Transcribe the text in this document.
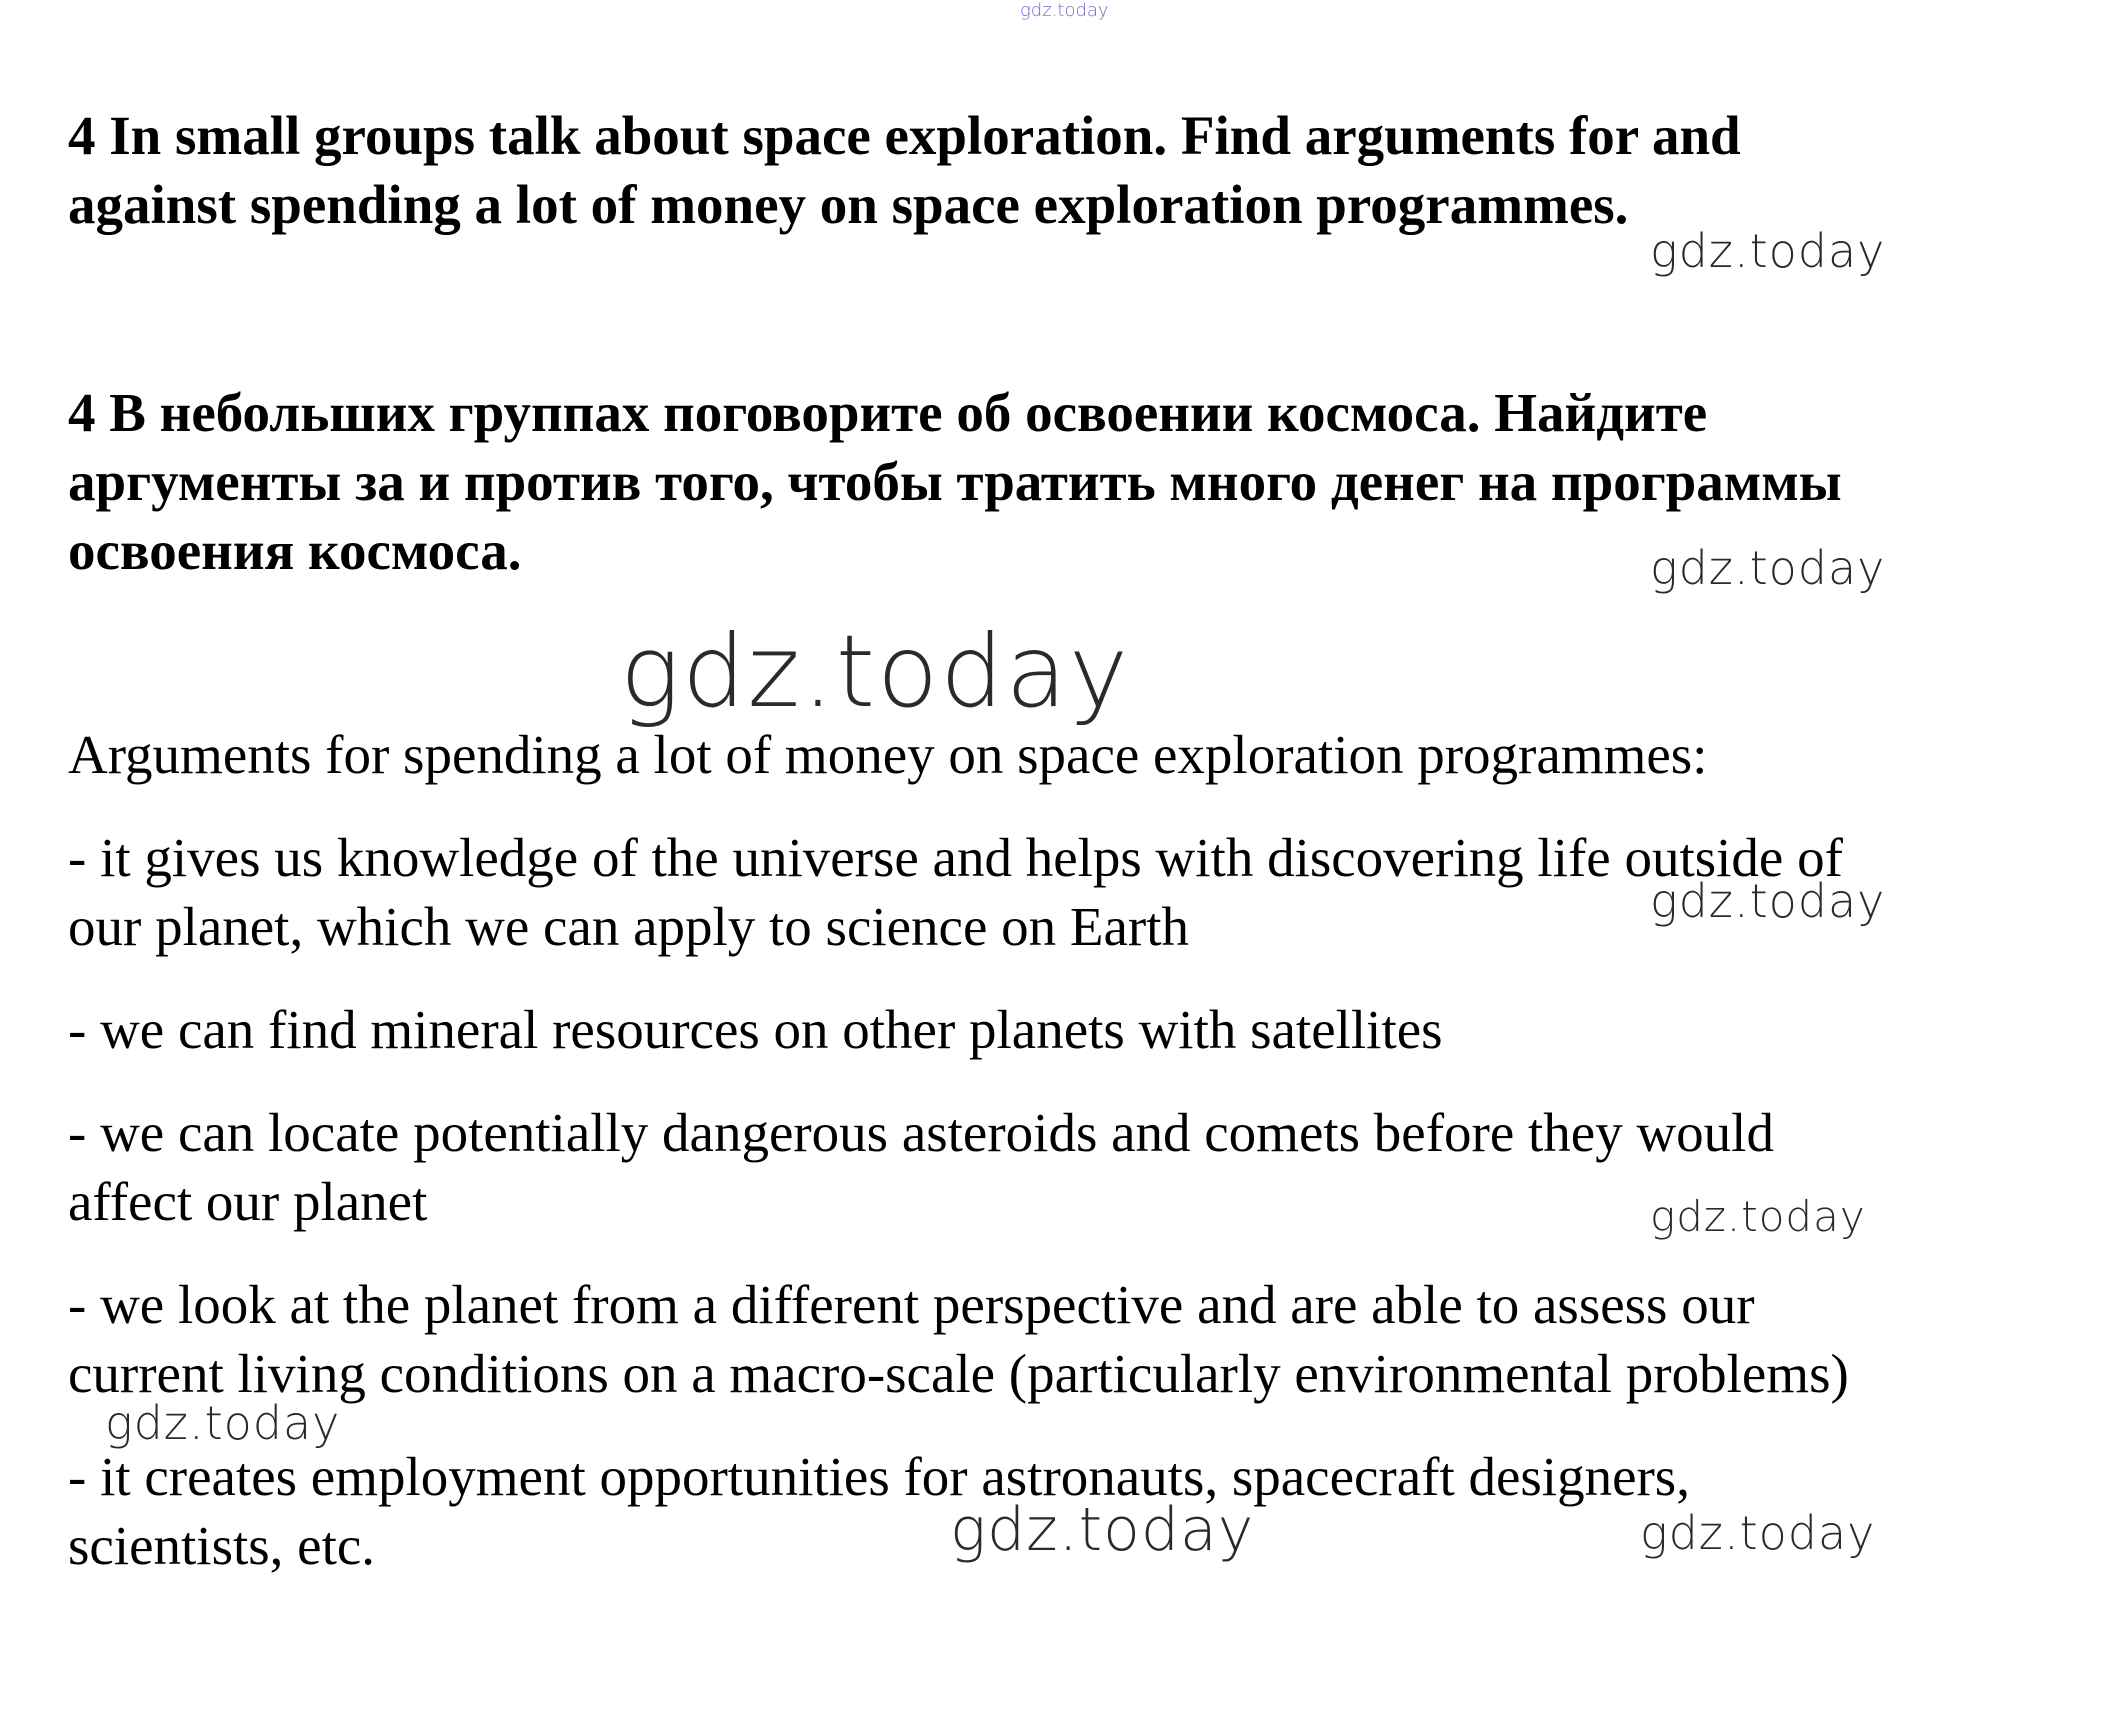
gdz.today
4 In small groups talk about space exploration. Find arguments for and
against spending a lot of money on space exploration programmes.
gdz.today
4 В небольших группах поговорите об освоении космоса. Найдите
аргументы за и против того, чтобы тратить много денег на программы
освоения космоса.	gdz.today
gdz.today
Arguments for spending a lot of money on space exploration programmes:
- it gives us knowledge of the universe and helps with discovering life outside of
gdz.today
our planet, which we can apply to science on Earth
- we can find mineral resources on other planets with satellites
- we can locate potentially dangerous asteroids and comets before they would
affect our planet	gdz.today
- we look at the planet from a different perspective and are able to assess our
current living conditions on a macro-scale (particularly environmental problems)
gdz.today
- it creates employment opportunities for astronauts, spacecraft designers,
scientists, etc.	gdz.today	gdz.today
